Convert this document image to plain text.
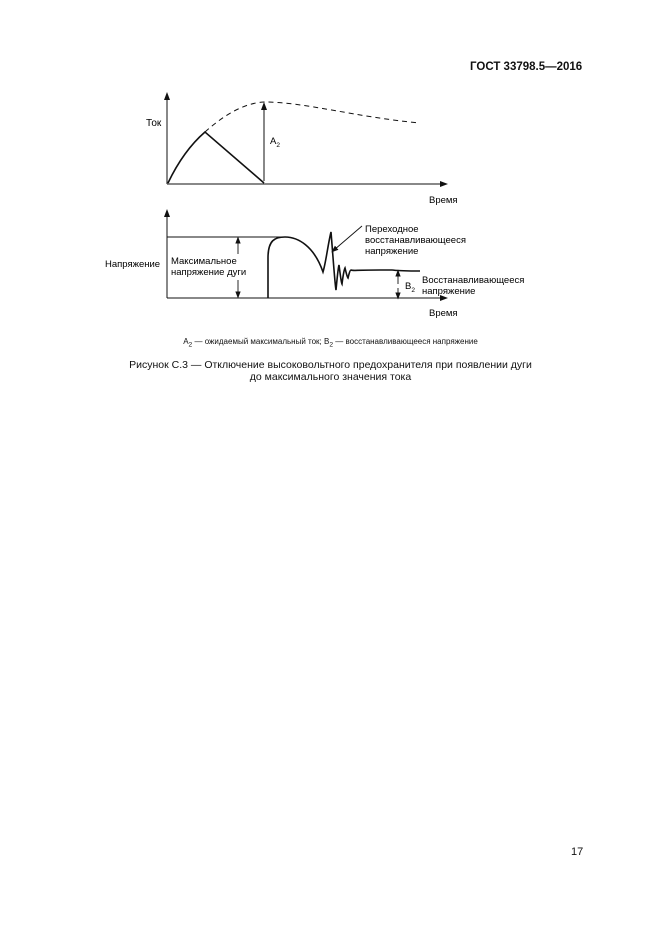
ГОСТ 33798.5—2016
Ток
Время
$A_2$
Напряжение
Время
Максимальное напряжение дуги
Переходное восстанавливающееся напряжение
$B_2$
Восстанавливающееся напряжение
$A_2$ — ожидаемый максимальный ток; $B_2$ — восстанавливающееся напряжение
Рисунок С.3 — Отключение высоковольтного предохранителя при появлении дуги
до максимального значения тока
17
